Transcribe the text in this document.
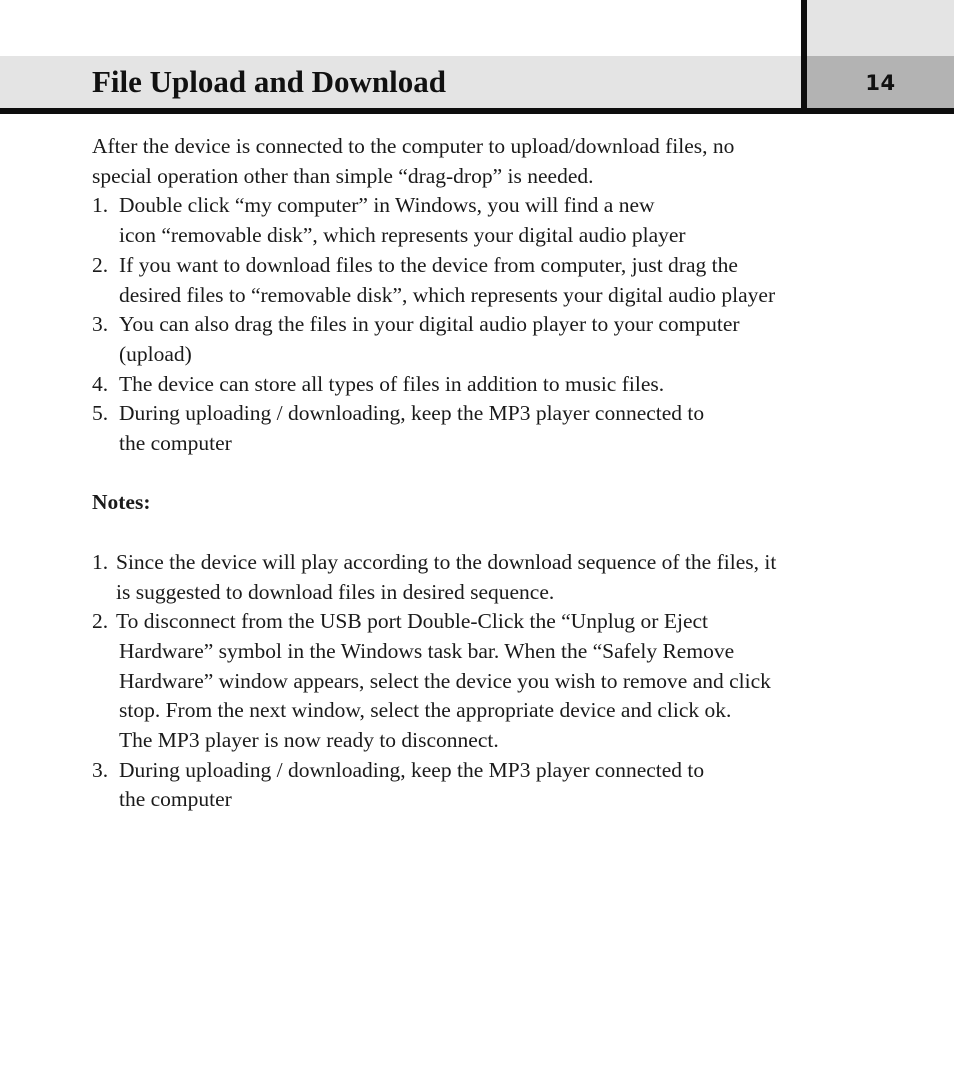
File Upload and Download	14

After the device is connected to the computer to upload/download files, no
special operation other than simple “drag-drop” is needed.

1. Double click “my computer” in Windows, you will find a new
icon “removable disk”, which represents your digital audio player
2. If you want to download files to the device from computer, just drag the
desired files to “removable disk”, which represents your digital audio player
3. You can also drag the files in your digital audio player to your computer
(upload)
4. The device can store all types of files in addition to music files.
5. During uploading / downloading, keep the MP3 player connected to
the computer

Notes:

1. Since the device will play according to the download sequence of the files, it
is suggested to download files in desired sequence.
2. To disconnect from the USB port Double-Click the “Unplug or Eject
Hardware” symbol in the Windows task bar. When the “Safely Remove
Hardware” window appears, select the device you wish to remove and click
stop. From the next window, select the appropriate device and click ok.
The MP3 player is now ready to disconnect.
3. During uploading / downloading, keep the MP3 player connected to
the computer
